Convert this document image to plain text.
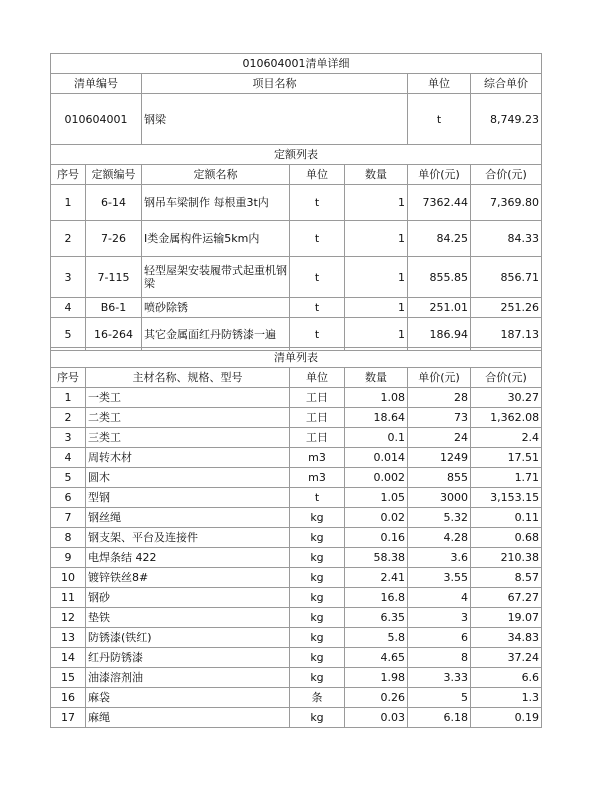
010604001清单详细			
清单编号	项目名称	单位	综合单价
010604001	钢梁	t	8,749.23
定额列表						
序号	定额编号	定额名称	单位	数量	单价(元)	合价(元)
1	6-14	钢吊车梁制作 每根重3t内	t	1	7362.44	7,369.80
2	7-26	Ⅰ类金属构件运输5km内	t	1	84.25	84.33
3	7-115	轻型屋架安装履带式起重机钢梁	t	1	855.85	856.71
4	B6-1	喷砂除锈	t	1	251.01	251.26
5	16-264	其它金属面红丹防锈漆一遍	t	1	186.94	187.13
清单列表					
序号	主材名称、规格、型号	单位	数量	单价(元)	合价(元)
1	一类工	工日	1.08	28	30.27
2	二类工	工日	18.64	73	1,362.08
3	三类工	工日	0.1	24	2.4
4	周转木材	m3	0.014	1249	17.51
5	圆木	m3	0.002	855	1.71
6	型钢	t	1.05	3000	3,153.15
7	钢丝绳	kg	0.02	5.32	0.11
8	钢支架、平台及连接件	kg	0.16	4.28	0.68
9	电焊条结 422	kg	58.38	3.6	210.38
10	镀锌铁丝8#	kg	2.41	3.55	8.57
11	钢砂	kg	16.8	4	67.27
12	垫铁	kg	6.35	3	19.07
13	防锈漆(铁红)	kg	5.8	6	34.83
14	红丹防锈漆	kg	4.65	8	37.24
15	油漆溶剂油	kg	1.98	3.33	6.6
16	麻袋	条	0.26	5	1.3
17	麻绳	kg	0.03	6.18	0.19
